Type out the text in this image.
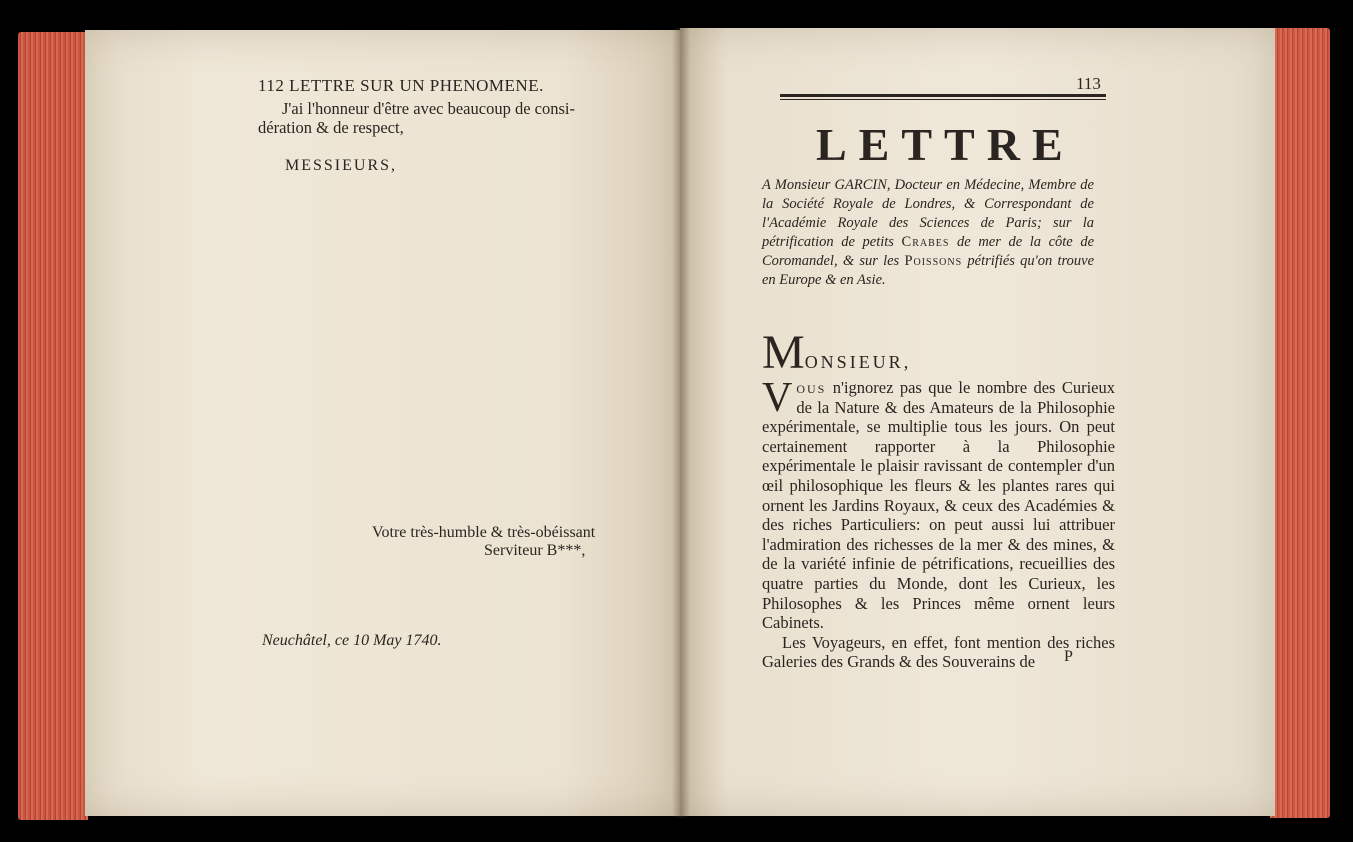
112 LETTRE SUR UN PHENOMENE.
J'ai l'honneur d'être avec beaucoup de consi-
dération & de respect,
MESSIEURS,
Votre très-humble & très-obéissant
Serviteur B***,
Neuchâtel, ce 10 May 1740.
113
LETTRE
A Monsieur GARCIN, Docteur en Médecine, Membre de la Société Royale de Londres, & Correspondant de l'Académie Royale des Sciences de Paris; sur la pétrification de petits Crabes de mer de la côte de Coromandel, & sur les Poissons pétrifiés qu'on trouve en Europe & en Asie.
MONSIEUR,

Vous n'ignorez pas que le nombre des Curieux de la Nature & des Amateurs de la Philosophie expérimentale, se multiplie tous les jours. On peut certainement rapporter à la Philosophie expérimentale le plaisir ravissant de contempler d'un œil philosophique les fleurs & les plantes rares qui ornent les Jardins Royaux, & ceux des Académies & des riches Particuliers: on peut aussi lui attribuer l'admiration des richesses de la mer & des mines, & de la variété infinie de pétrifications, recueillies des quatre parties du Monde, dont les Curieux, les Philosophes & les Princes même ornent leurs Cabinets.

Les Voyageurs, en effet, font mention des riches Galeries des Grands & des Souverains de	P
